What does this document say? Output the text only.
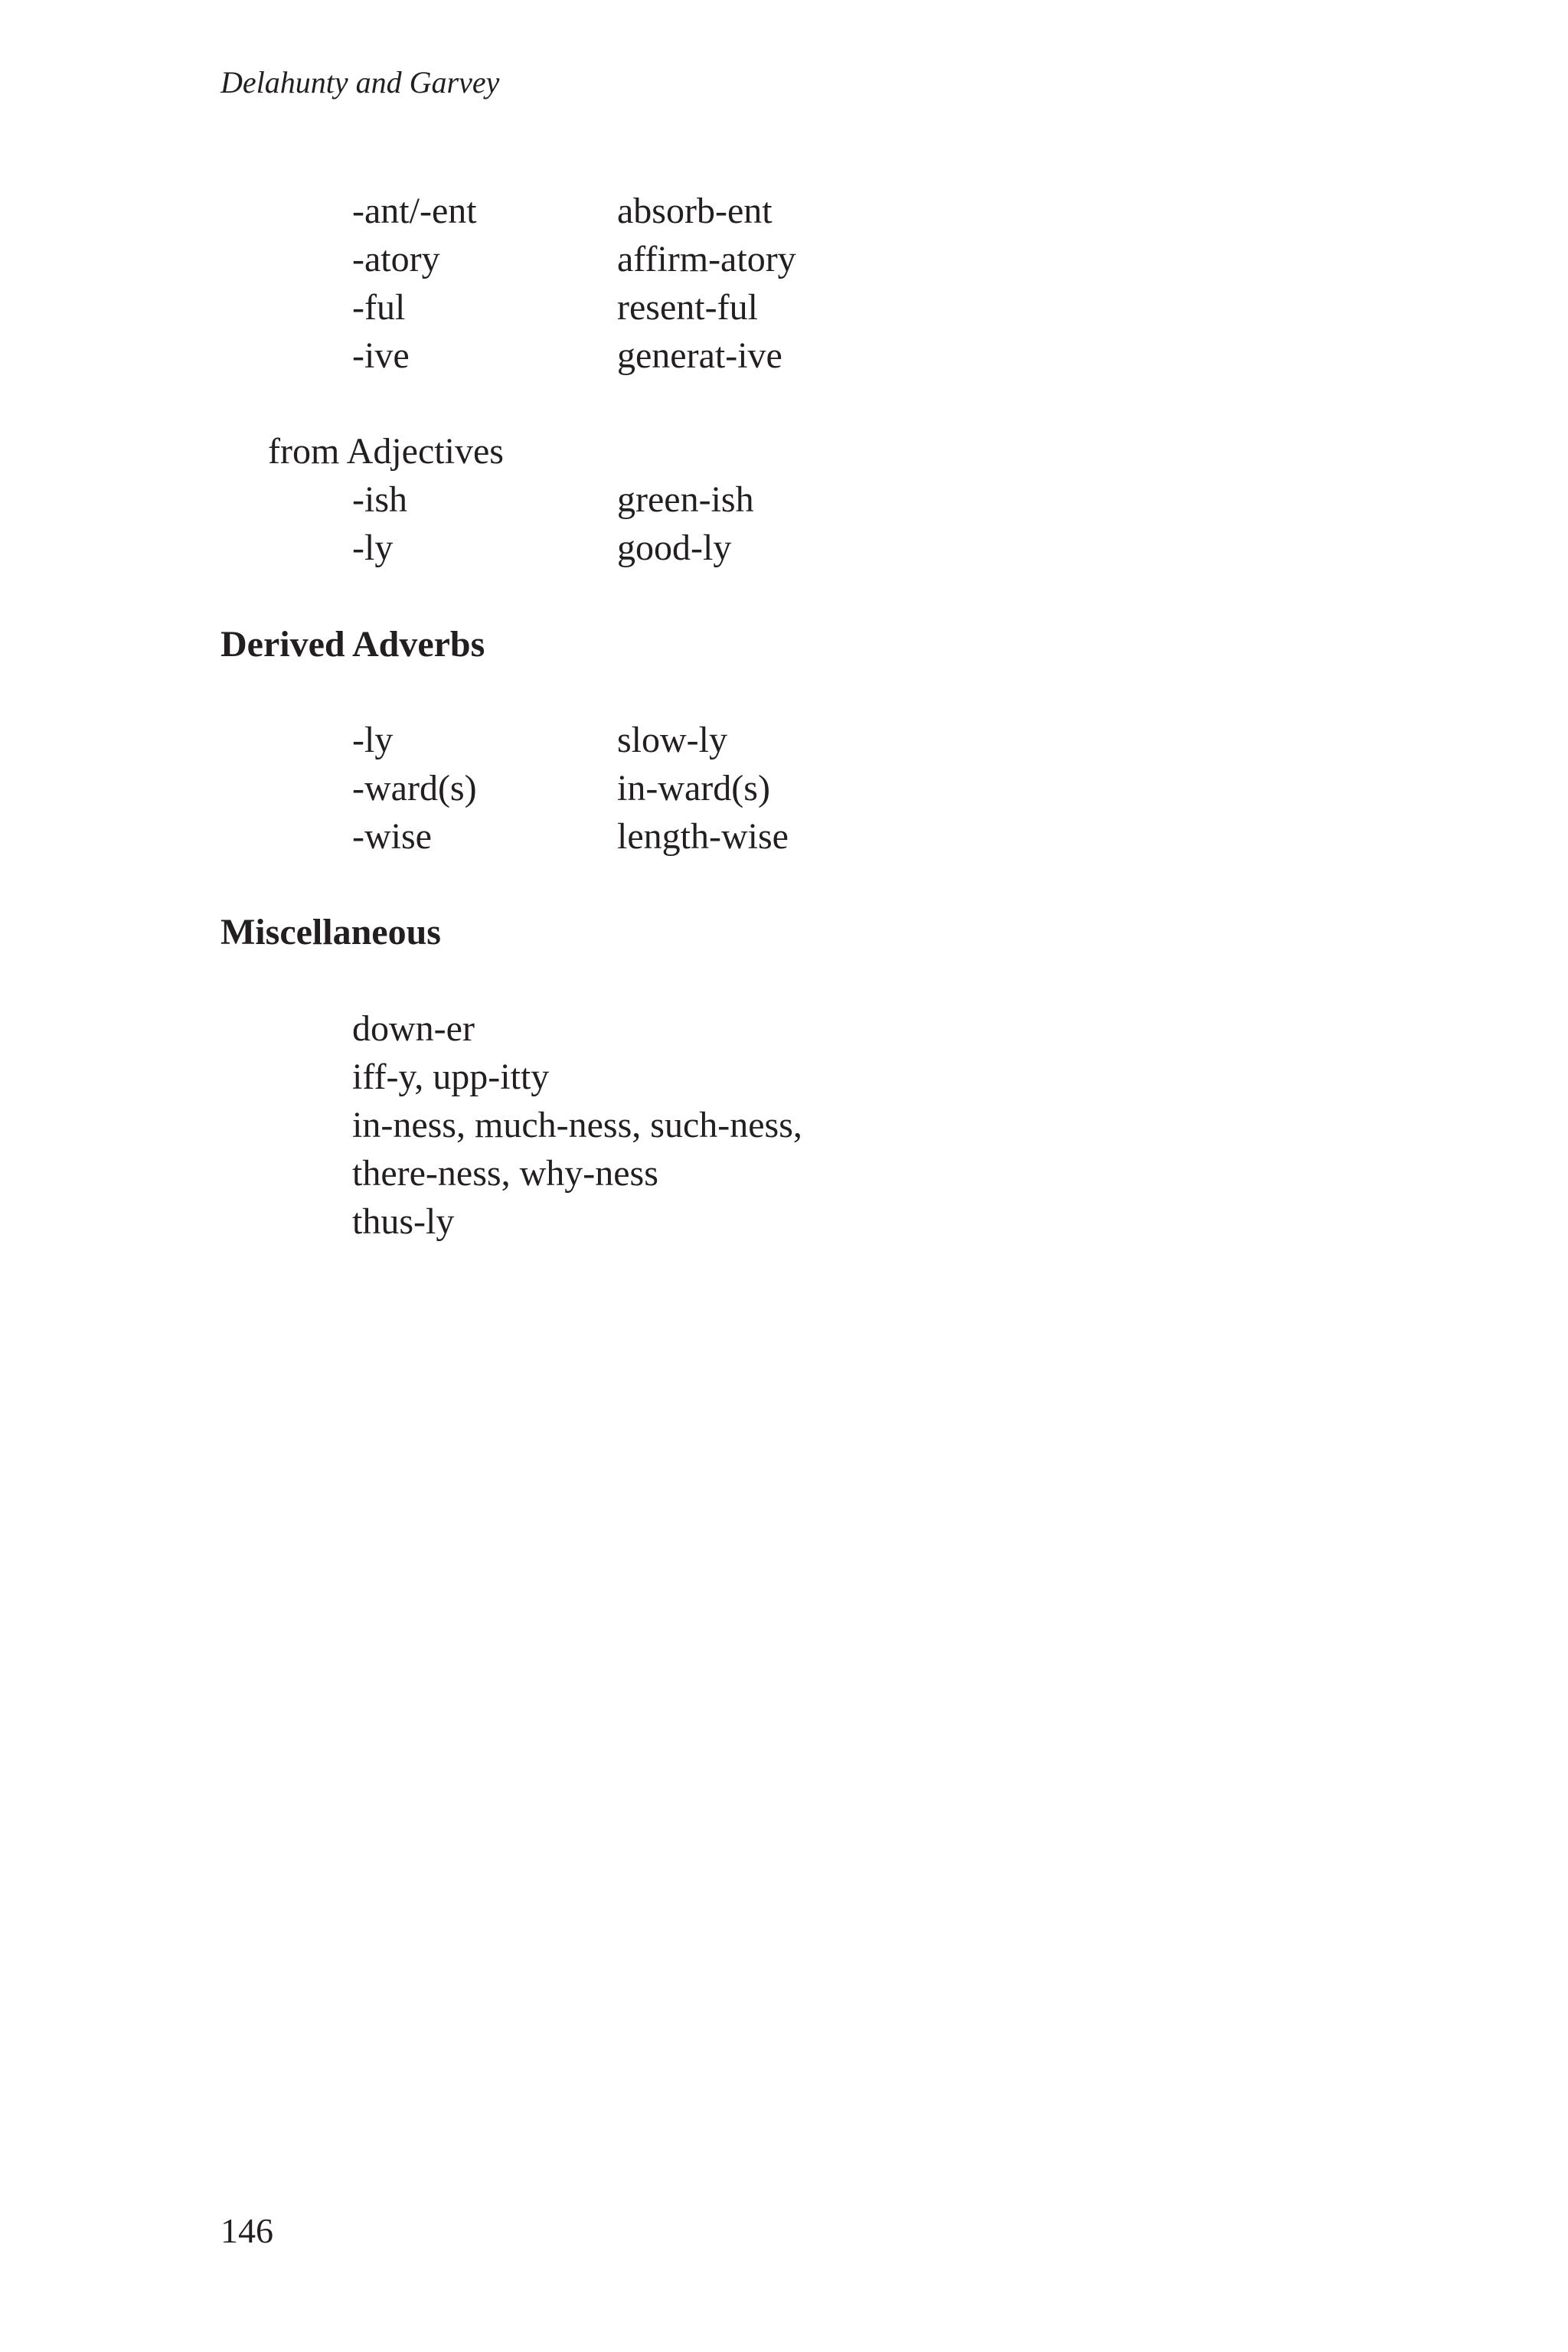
Delahunty and Garvey
-ant/-ent	absorb-ent
-atory	affirm-atory
-ful	resent-ful
-ive	generat-ive
from Adjectives
-ish	green-ish
-ly	good-ly
Derived Adverbs
-ly	slow-ly
-ward(s)	in-ward(s)
-wise	length-wise
Miscellaneous
down-er
iff-y, upp-itty
in-ness, much-ness, such-ness,
there-ness, why-ness
thus-ly
146
